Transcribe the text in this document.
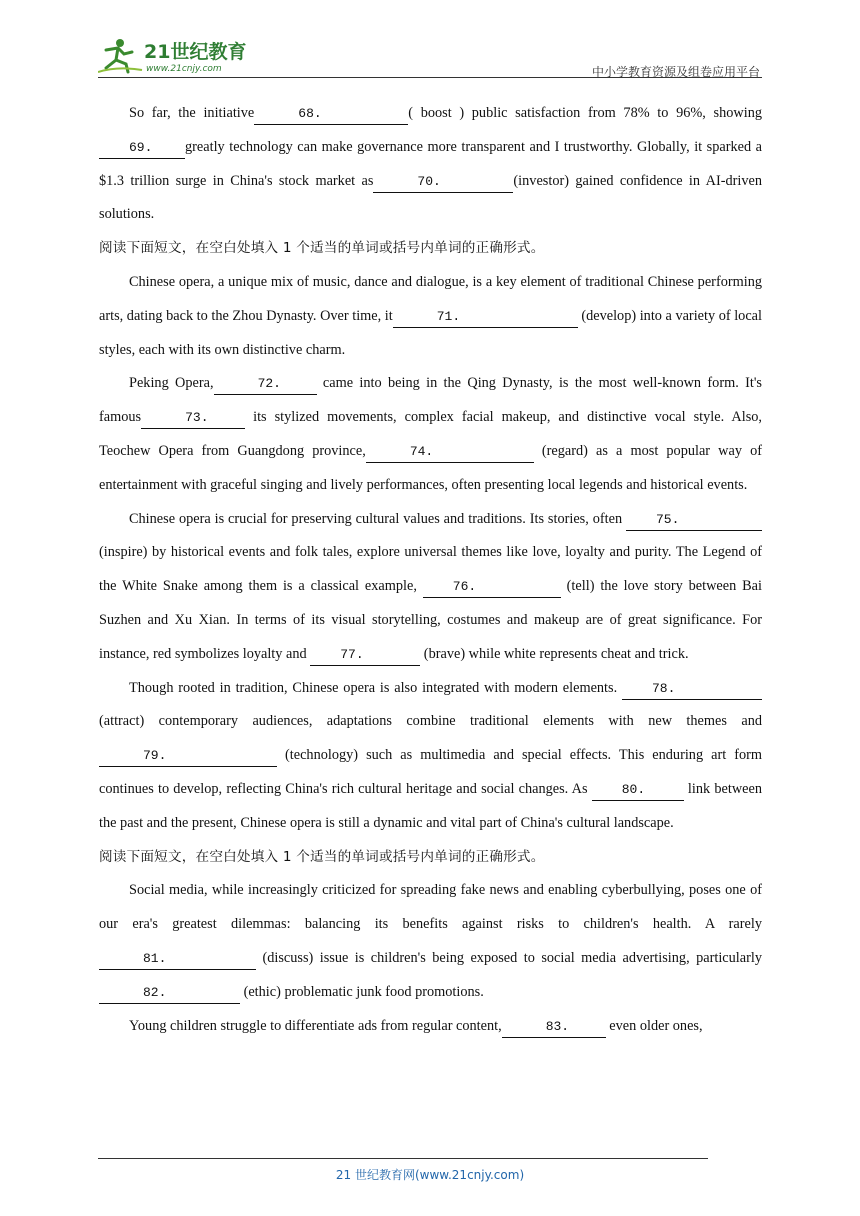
21世纪教育
www.21cnjy.com	中小学教育资源及组卷应用平台

So far, the initiative	68.	( boost ) public satisfaction from 78% to 96%, showing 69. greatly technology can make governance more transparent and I trustworthy. Globally, it sparked a $1.3 trillion surge in China's stock market as	70.	(investor) gained confidence in AI-driven solutions.

阅读下面短文，在空白处填入 1 个适当的单词或括号内单词的正确形式。

Chinese opera, a unique mix of music, dance and dialogue, is a key element of traditional Chinese performing arts, dating back to the Zhou Dynasty. Over time, it	71.	(develop) into a variety of local styles, each with its own distinctive charm.

Peking Opera,	72. came into being in the Qing Dynasty, is the most well-known form. It's famous	73.	its stylized movements, complex facial makeup, and distinctive vocal style. Also, Teochew Opera from Guangdong province,	74.	(regard) as a most popular way of entertainment with graceful singing and lively performances, often presenting local legends and historical events.

Chinese opera is crucial for preserving cultural values and traditions. Its stories, often 75. (inspire) by historical events and folk tales, explore universal themes like love, loyalty and purity. The Legend of the White Snake among them is a classical example, 76.	(tell) the love story between Bai Suzhen and Xu Xian. In terms of its visual storytelling, costumes and makeup are of great significance. For instance, red symbolizes loyalty and 77.	(brave) while white represents cheat and trick.

Though rooted in tradition, Chinese opera is also integrated with modern elements. 78. (attract) contemporary audiences, adaptations combine traditional elements with new themes and79.	(technology) such as multimedia and special effects. This enduring art form continues to develop, reflecting China's rich cultural heritage and social changes. As 80.	link between the past and the present, Chinese opera is still a dynamic and vital part of China's cultural landscape.

阅读下面短文，在空白处填入 1 个适当的单词或括号内单词的正确形式。

Social media, while increasingly criticized for spreading fake news and enabling cyberbullying, poses one of our era's greatest dilemmas: balancing its benefits against risks to children's health. A rarely81.	(discuss) issue is children's being exposed to social media advertising, particularly82.	(ethic) problematic junk food promotions.

Young children struggle to differentiate ads from regular content,	83.	even older ones,

21 世纪教育网(www.21cnjy.com)
